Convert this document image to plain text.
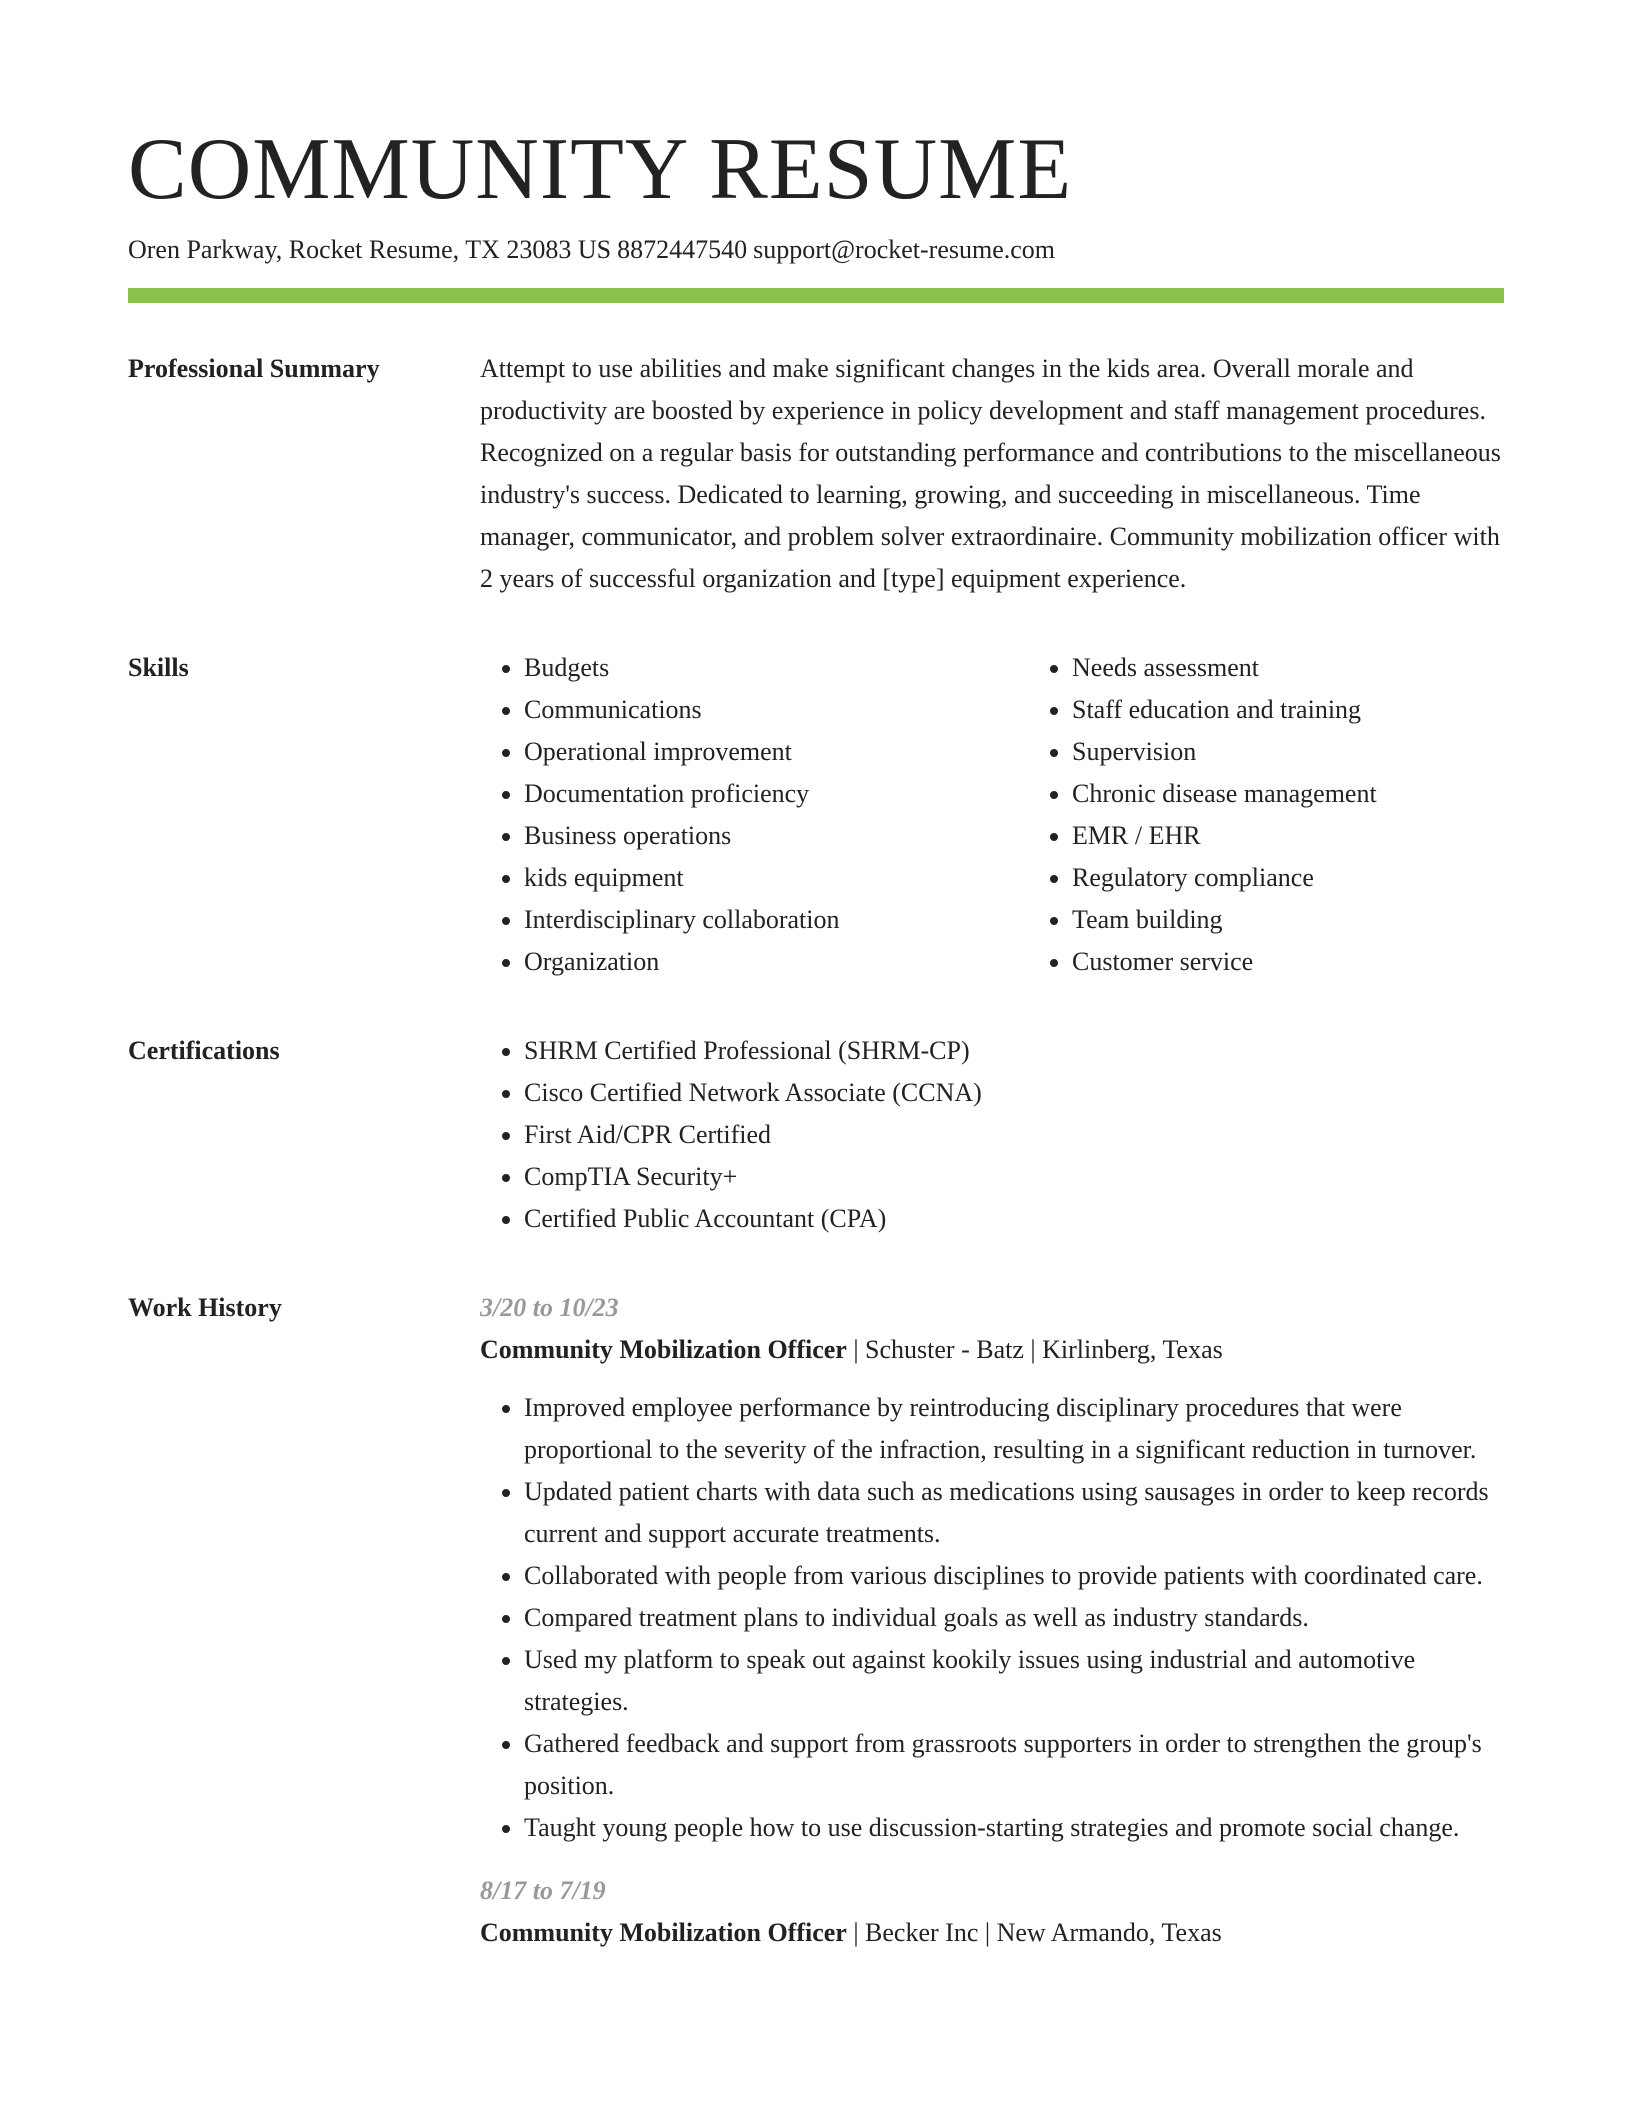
COMMUNITY RESUME
Oren Parkway, Rocket Resume, TX 23083 US 8872447540 support@rocket-resume.com
Professional Summary	Attempt to use abilities and make significant changes in the kids area. Overall morale and productivity are boosted by experience in policy development and staff management procedures. Recognized on a regular basis for outstanding performance and contributions to the miscellaneous industry's success. Dedicated to learning, growing, and succeeding in miscellaneous. Time manager, communicator, and problem solver extraordinaire. Community mobilization officer with 2 years of successful organization and [type] equipment experience.

Skills	• Budgets
• Communications
• Operational improvement
• Documentation proficiency
• Business operations
• kids equipment
• Interdisciplinary collaboration
• Organization
• Needs assessment
• Staff education and training
• Supervision
• Chronic disease management
• EMR / EHR
• Regulatory compliance
• Team building
• Customer service
Certifications	• SHRM Certified Professional (SHRM-CP)
• Cisco Certified Network Associate (CCNA)
• First Aid/CPR Certified
• CompTIA Security+
• Certified Public Accountant (CPA)
Work History	3/20 to 10/23
Community Mobilization Officer | Schuster - Batz | Kirlinberg, Texas
• Improved employee performance by reintroducing disciplinary procedures that were proportional to the severity of the infraction, resulting in a significant reduction in turnover.
• Updated patient charts with data such as medications using sausages in order to keep records current and support accurate treatments.
• Collaborated with people from various disciplines to provide patients with coordinated care.
• Compared treatment plans to individual goals as well as industry standards.
• Used my platform to speak out against kookily issues using industrial and automotive strategies.
• Gathered feedback and support from grassroots supporters in order to strengthen the group's position.
• Taught young people how to use discussion-starting strategies and promote social change.
8/17 to 7/19
Community Mobilization Officer | Becker Inc | New Armando, Texas
